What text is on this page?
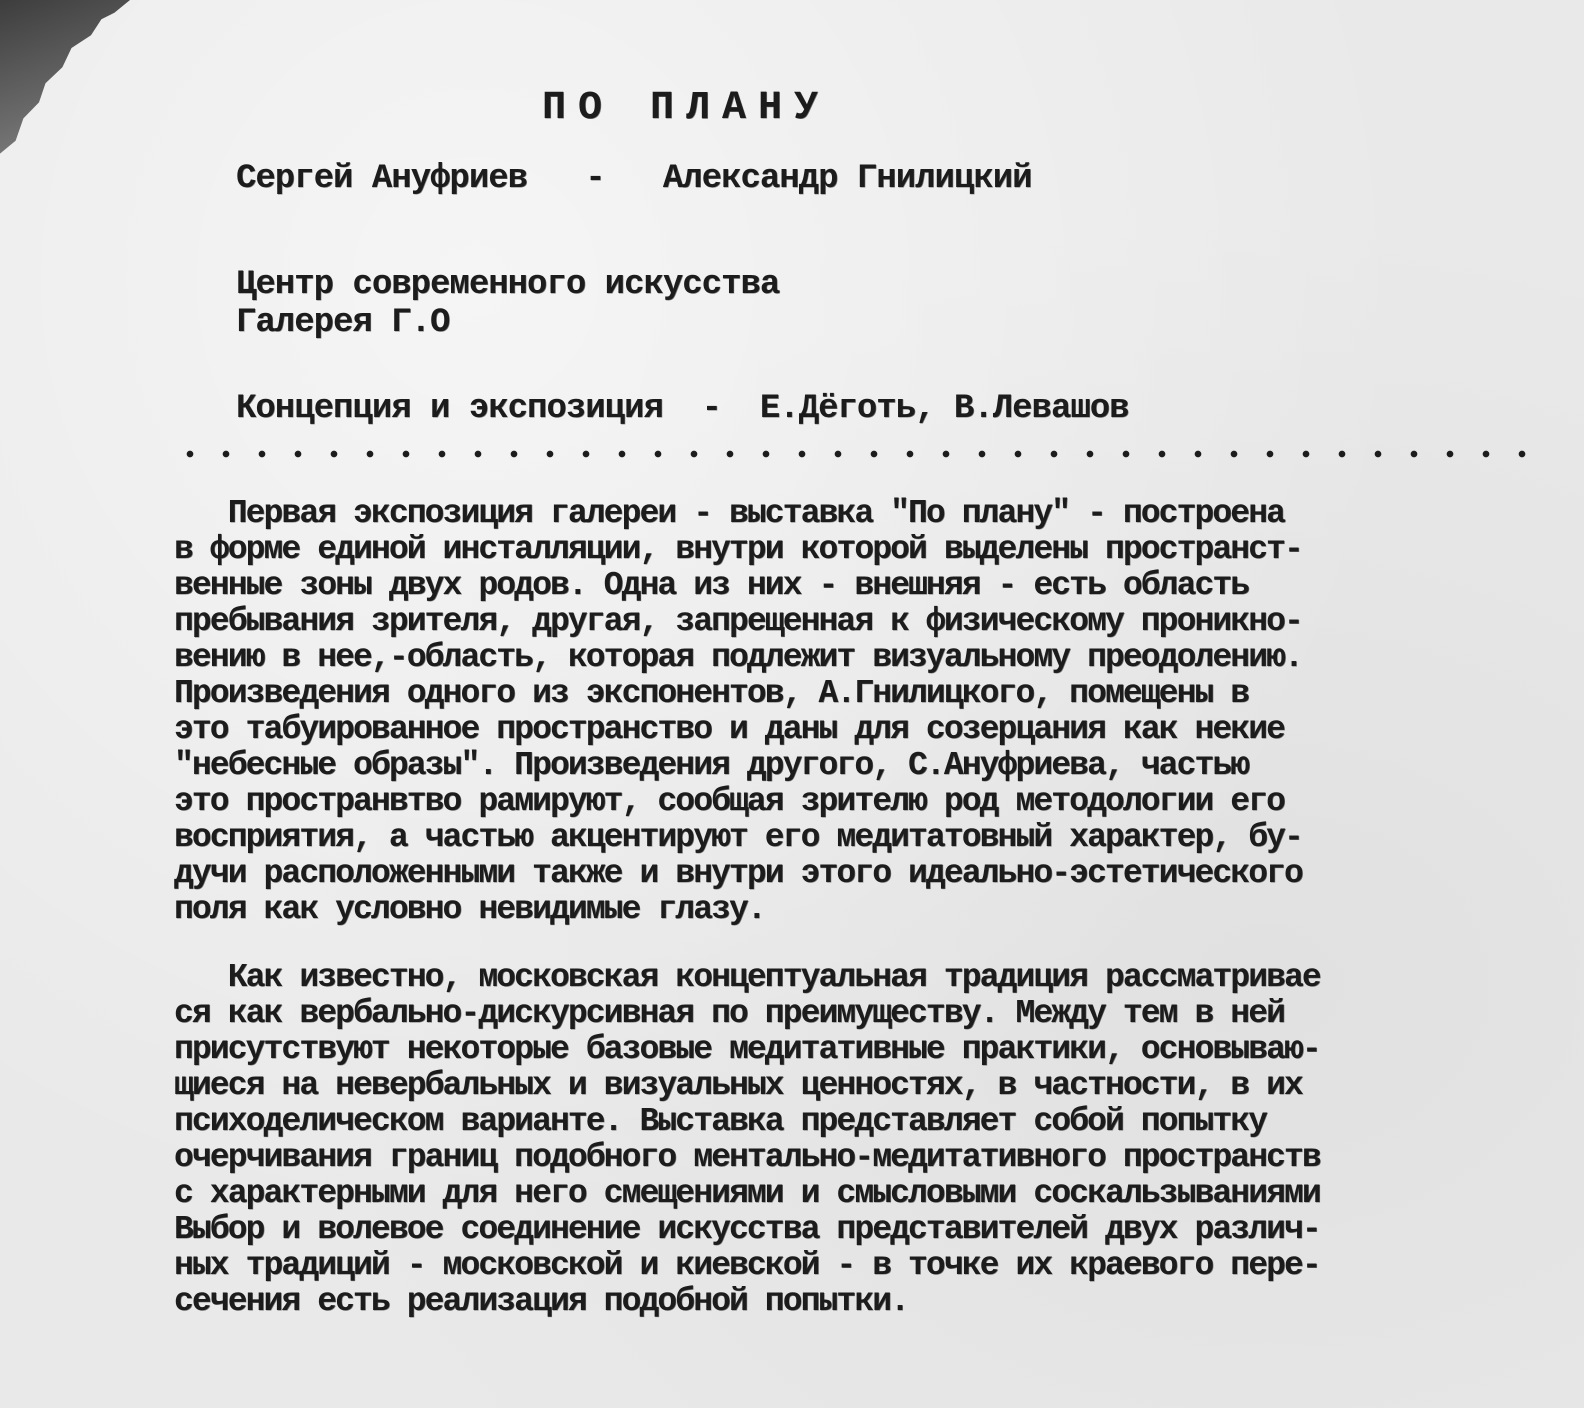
ПО ПЛАНУ
Сергей Ануфриев   -   Александр Гнилицкий
Центр современного искусства
Галерея Г.О
Концепция и экспозиция  -  Е.Дёготь, В.Левашов
Первая экспозиция галереи - выставка "По плану" - построена
в форме единой инсталляции, внутри которой выделены пространст-
венные зоны двух родов. Одна из них - внешняя - есть область
пребывания зрителя, другая, запрещенная к физическому проникно-
вению в нее,-область, которая подлежит визуальному преодолению.
Произведения одного из экспонентов, А.Гнилицкого, помещены в
это табуированное пространство и даны для созерцания как некие
"небесные образы". Произведения другого, С.Ануфриева, частью
это пространвтво рамируют, сообщая зрителю род методологии его
восприятия, а частью акцентируют его медитатовный характер, бу-
дучи расположенными также и внутри этого идеально-эстетического
поля как условно невидимые глазу.
Как известно, московская концептуальная традиция рассматривае
ся как вербально-дискурсивная по преимуществу. Между тем в ней
присутствуют некоторые базовые медитативные практики, основываю-
щиеся на невербальных и визуальных ценностях, в частности, в их
психоделическом варианте. Выставка представляет собой попытку
очерчивания границ подобного ментально-медитативного пространств
с характерными для него смещениями и смысловыми соскальзываниями
Выбор и волевое соединение искусства представителей двух различ-
ных традиций - московской и киевской - в точке их краевого пере-
сечения есть реализация подобной попытки.
